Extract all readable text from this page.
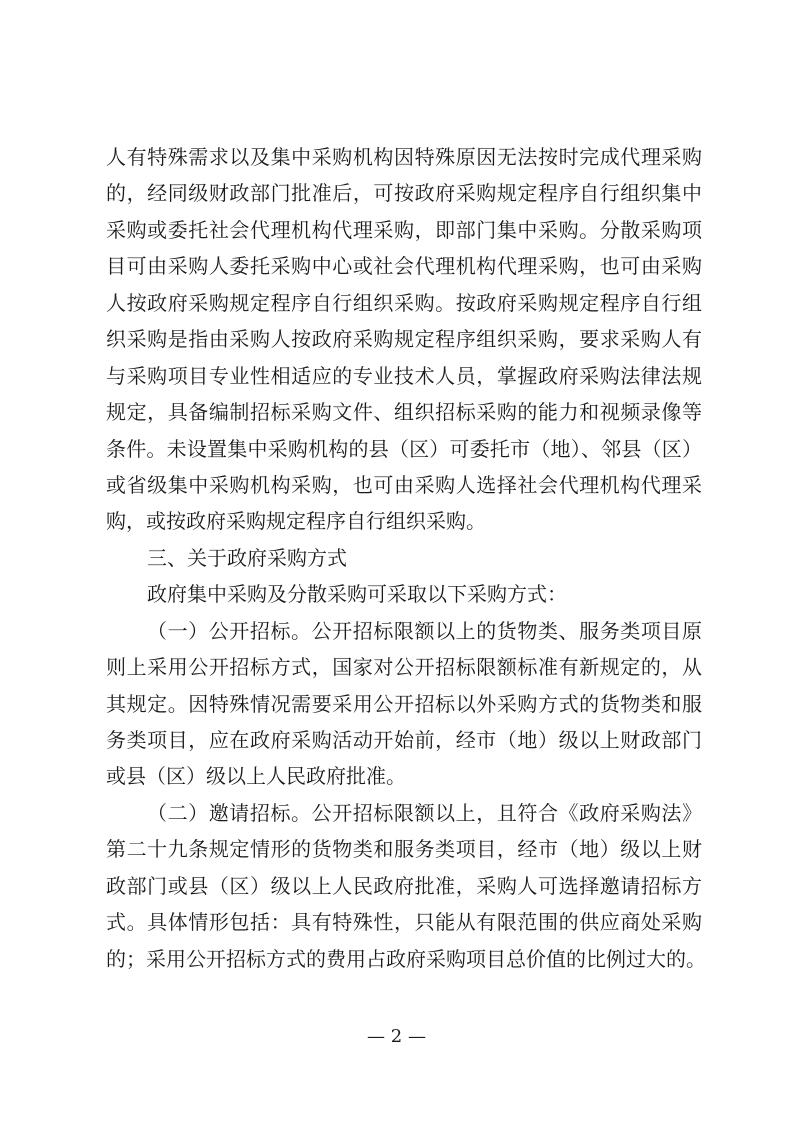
人有特殊需求以及集中采购机构因特殊原因无法按时完成代理采购
的，经同级财政部门批准后，可按政府采购规定程序自行组织集中
采购或委托社会代理机构代理采购，即部门集中采购。分散采购项
目可由采购人委托采购中心或社会代理机构代理采购，也可由采购
人按政府采购规定程序自行组织采购。按政府采购规定程序自行组
织采购是指由采购人按政府采购规定程序组织采购，要求采购人有
与采购项目专业性相适应的专业技术人员，掌握政府采购法律法规
规定，具备编制招标采购文件、组织招标采购的能力和视频录像等
条件。未设置集中采购机构的县（区）可委托市（地）、邻县（区）
或省级集中采购机构采购，也可由采购人选择社会代理机构代理采
购，或按政府采购规定程序自行组织采购。
三、关于政府采购方式
政府集中采购及分散采购可采取以下采购方式：
（一）公开招标。公开招标限额以上的货物类、服务类项目原
则上采用公开招标方式，国家对公开招标限额标准有新规定的，从
其规定。因特殊情况需要采用公开招标以外采购方式的货物类和服
务类项目，应在政府采购活动开始前，经市（地）级以上财政部门
或县（区）级以上人民政府批准。
（二）邀请招标。公开招标限额以上，且符合《政府采购法》
第二十九条规定情形的货物类和服务类项目，经市（地）级以上财
政部门或县（区）级以上人民政府批准，采购人可选择邀请招标方
式。具体情形包括：具有特殊性，只能从有限范围的供应商处采购
的；采用公开招标方式的费用占政府采购项目总价值的比例过大的。
— 2 —
